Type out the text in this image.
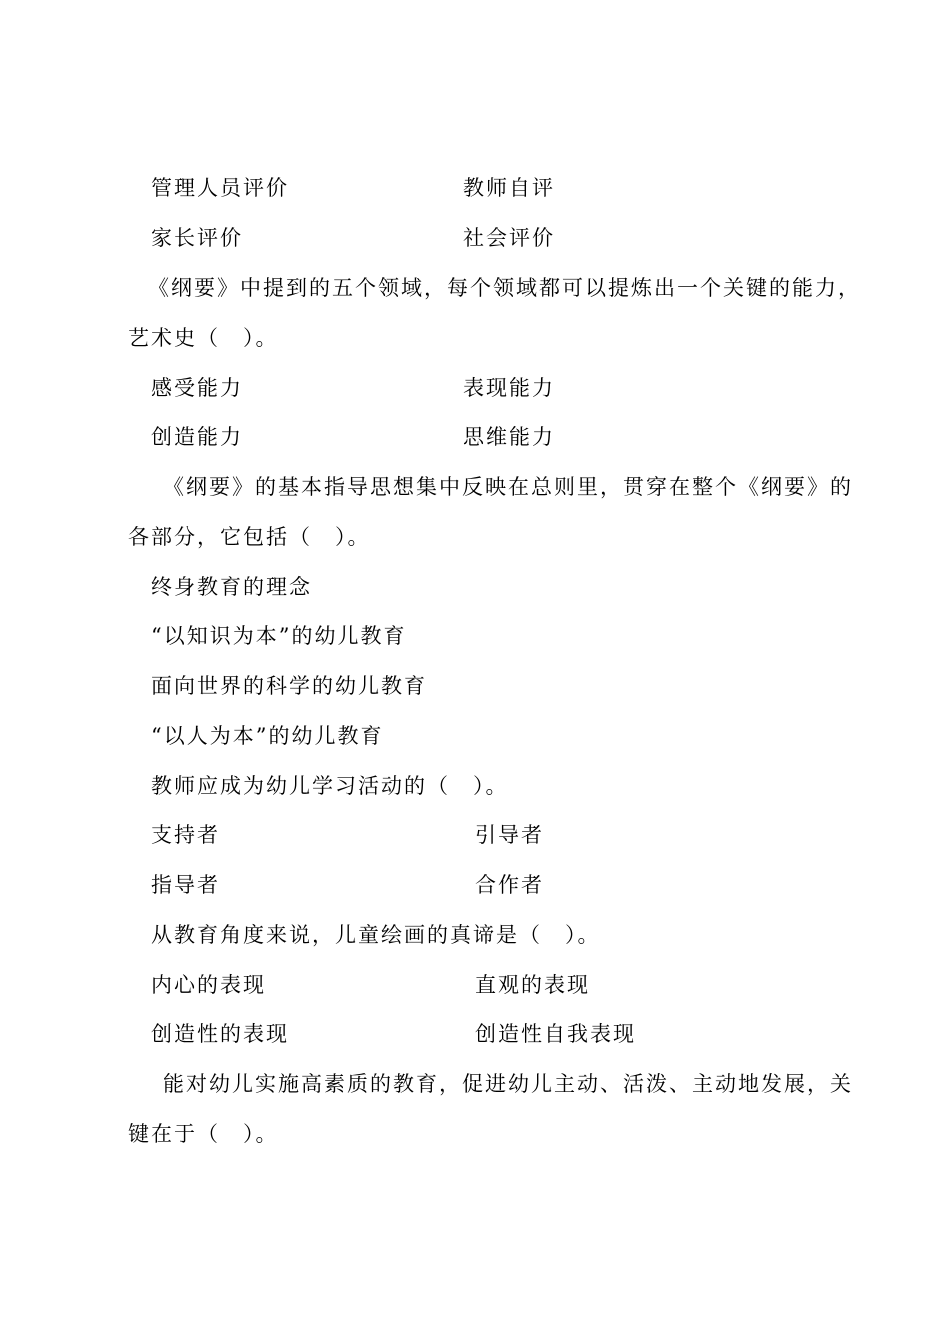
管理人员评价	教师自评
家长评价	社会评价
《纲要》中提到的五个领域，每个领域都可以提炼出一个关键的能力，
艺术史（　）。
感受能力	表现能力
创造能力	思维能力
《纲要》的基本指导思想集中反映在总则里，贯穿在整个《纲要》的
各部分，它包括（　）。
终身教育的理念
“以知识为本”的幼儿教育
面向世界的科学的幼儿教育
“以人为本”的幼儿教育
教师应成为幼儿学习活动的（　）。
支持者	引导者
指导者	合作者
从教育角度来说，儿童绘画的真谛是（　）。
内心的表现	直观的表现
创造性的表现	创造性自我表现
能对幼儿实施高素质的教育，促进幼儿主动、活泼、主动地发展，关
键在于（　）。
